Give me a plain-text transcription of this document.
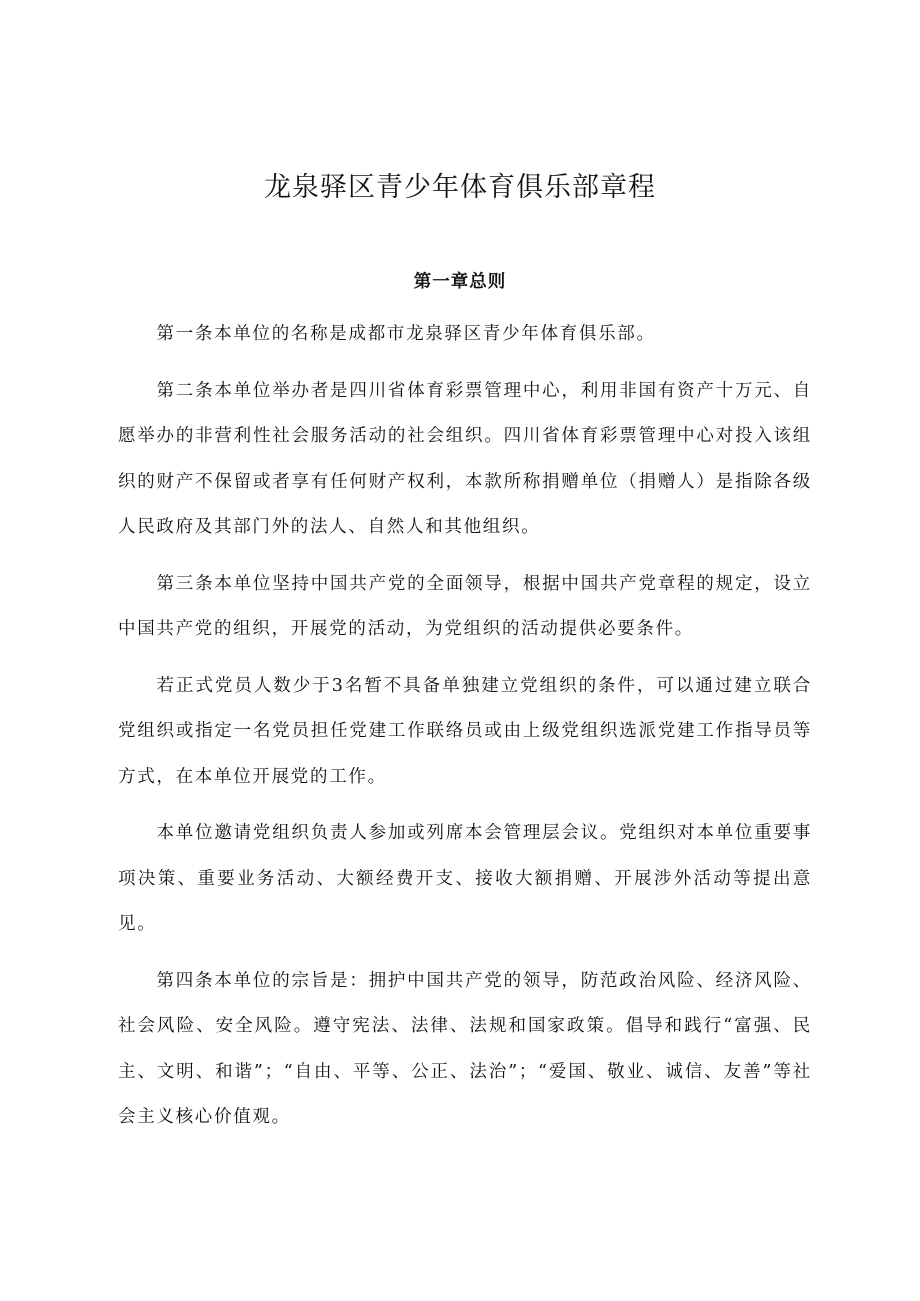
龙泉驿区青少年体育俱乐部章程
第一章总则

第一条本单位的名称是成都市龙泉驿区青少年体育俱乐部。

第二条本单位举办者是四川省体育彩票管理中心，利用非国有资产十万元、自愿举办的非营利性社会服务活动的社会组织。四川省体育彩票管理中心对投入该组织的财产不保留或者享有任何财产权利，本款所称捐赠单位（捐赠人）是指除各级人民政府及其部门外的法人、自然人和其他组织。

第三条本单位坚持中国共产党的全面领导，根据中国共产党章程的规定，设立中国共产党的组织，开展党的活动，为党组织的活动提供必要条件。

若正式党员人数少于3名暂不具备单独建立党组织的条件，可以通过建立联合党组织或指定一名党员担任党建工作联络员或由上级党组织选派党建工作指导员等方式，在本单位开展党的工作。

本单位邀请党组织负责人参加或列席本会管理层会议。党组织对本单位重要事项决策、重要业务活动、大额经费开支、接收大额捐赠、开展涉外活动等提出意见。

第四条本单位的宗旨是：拥护中国共产党的领导，防范政治风险、经济风险、社会风险、安全风险。遵守宪法、法律、法规和国家政策。倡导和践行“富强、民主、文明、和谐”；“自由、平等、公正、法治”；“爱国、敬业、诚信、友善”等社会主义核心价值观。
